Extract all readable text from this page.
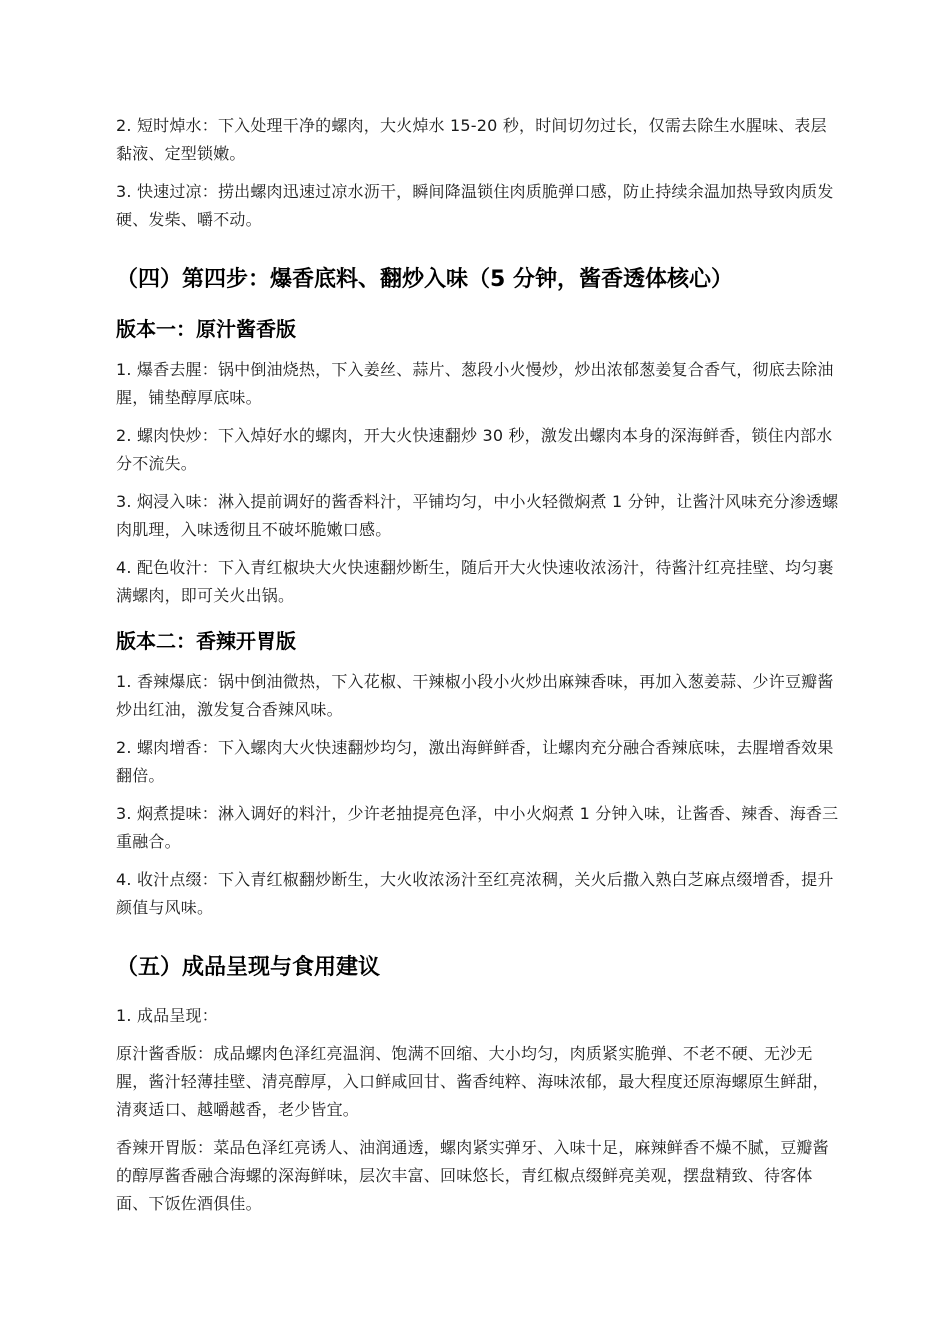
2. 短时焯水：下入处理干净的螺肉，大火焯水 15-20 秒，时间切勿过长，仅需去除生水腥味、表层黏液、定型锁嫩。

3. 快速过凉：捞出螺肉迅速过凉水沥干，瞬间降温锁住肉质脆弹口感，防止持续余温加热导致肉质发硬、发柴、嚼不动。

（四）第四步：爆香底料、翻炒入味（5 分钟，酱香透体核心）
版本一：原汁酱香版

1. 爆香去腥：锅中倒油烧热，下入姜丝、蒜片、葱段小火慢炒，炒出浓郁葱姜复合香气，彻底去除油腥，铺垫醇厚底味。

2. 螺肉快炒：下入焯好水的螺肉，开大火快速翻炒 30 秒，激发出螺肉本身的深海鲜香，锁住内部水分不流失。

3. 焖浸入味：淋入提前调好的酱香料汁，平铺均匀，中小火轻微焖煮 1 分钟，让酱汁风味充分渗透螺肉肌理，入味透彻且不破坏脆嫩口感。

4. 配色收汁：下入青红椒块大火快速翻炒断生，随后开大火快速收浓汤汁，待酱汁红亮挂壁、均匀裹满螺肉，即可关火出锅。

版本二：香辣开胃版

1. 香辣爆底：锅中倒油微热，下入花椒、干辣椒小段小火炒出麻辣香味，再加入葱姜蒜、少许豆瓣酱炒出红油，激发复合香辣风味。

2. 螺肉增香：下入螺肉大火快速翻炒均匀，激出海鲜鲜香，让螺肉充分融合香辣底味，去腥增香效果翻倍。

3. 焖煮提味：淋入调好的料汁，少许老抽提亮色泽，中小火焖煮 1 分钟入味，让酱香、辣香、海香三重融合。

4. 收汁点缀：下入青红椒翻炒断生，大火收浓汤汁至红亮浓稠，关火后撒入熟白芝麻点缀增香，提升颜值与风味。

（五）成品呈现与食用建议

1. 成品呈现：

原汁酱香版：成品螺肉色泽红亮温润、饱满不回缩、大小均匀，肉质紧实脆弹、不老不硬、无沙无腥，酱汁轻薄挂壁、清亮醇厚，入口鲜咸回甘、酱香纯粹、海味浓郁，最大程度还原海螺原生鲜甜，清爽适口、越嚼越香，老少皆宜。

香辣开胃版：菜品色泽红亮诱人、油润通透，螺肉紧实弹牙、入味十足，麻辣鲜香不燥不腻，豆瓣酱的醇厚酱香融合海螺的深海鲜味，层次丰富、回味悠长，青红椒点缀鲜亮美观，摆盘精致、待客体面、下饭佐酒俱佳。
